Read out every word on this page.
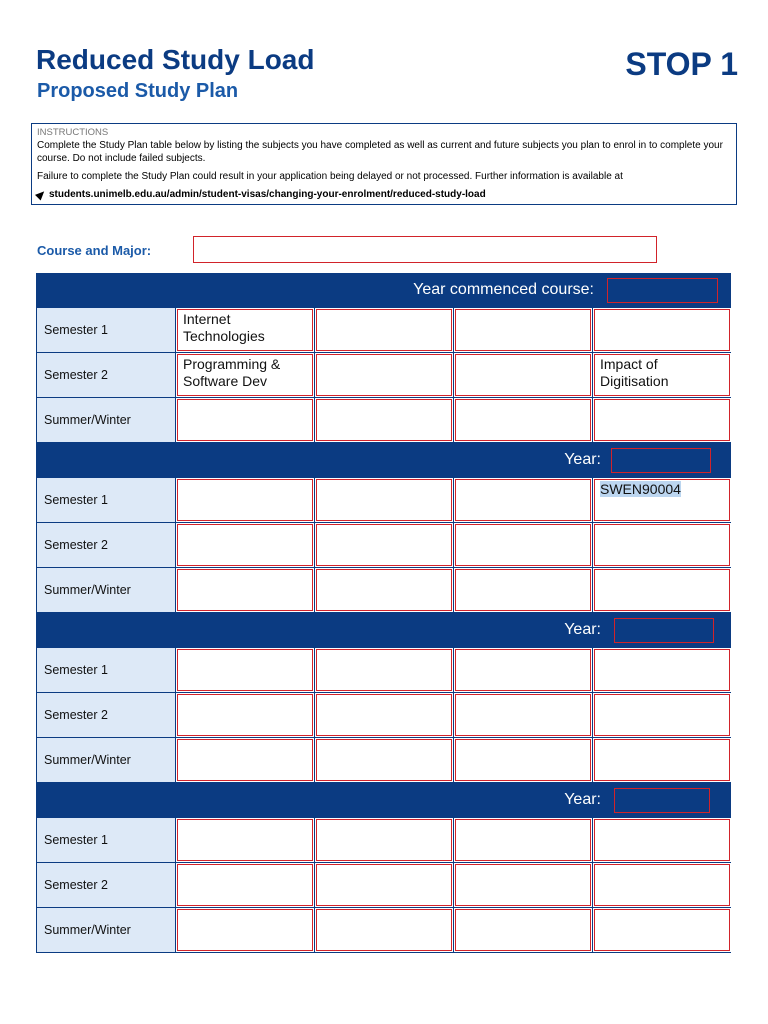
Reduced Study Load
Proposed Study Plan
STOP 1
INSTRUCTIONS

Complete the Study Plan table below by listing the subjects you have completed as well as current and future subjects you plan to enrol in to complete your course. Do not include failed subjects.

Failure to complete the Study Plan could result in your application being delayed or not processed. Further information is available at

students.unimelb.edu.au/admin/student-visas/changing-your-enrolment/reduced-study-load
Course and Major:
Year commenced course:
Semester 1
Internet Technologies
Semester 2
Programming & Software Dev
Impact of Digitisation
Summer/Winter
Year:
Semester 1
SWEN90004
Semester 2
Summer/Winter
Year:
Semester 1
Semester 2
Summer/Winter
Year:
Semester 1
Semester 2
Summer/Winter
